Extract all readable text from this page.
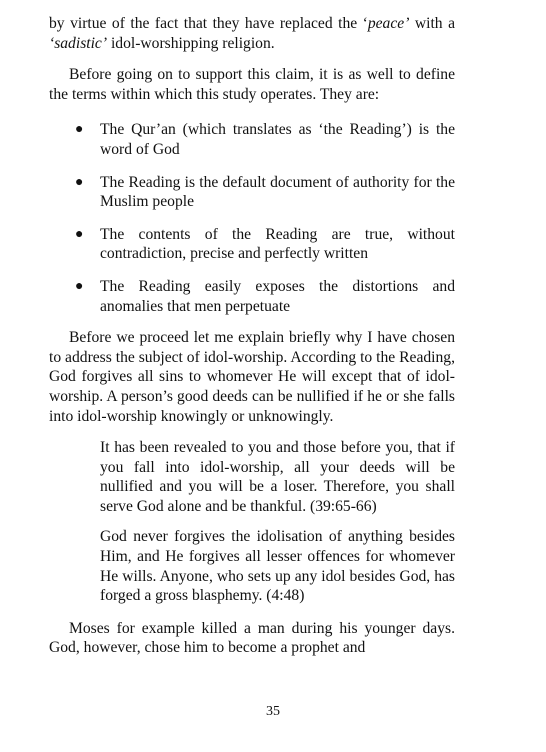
by virtue of the fact that they have replaced the ‘peace’ with a ‘sadistic’ idol-worshipping religion.

Before going on to support this claim, it is as well to define the terms within which this study operates. They are:

● The Qur’an (which translates as ‘the Reading’) is the word of God
● The Reading is the default document of authority for the Muslim people
● The contents of the Reading are true, without contradiction, precise and perfectly written
● The Reading easily exposes the distortions and anomalies that men perpetuate

Before we proceed let me explain briefly why I have chosen to address the subject of idol-worship. According to the Reading, God forgives all sins to whomever He will except that of idol-worship. A person’s good deeds can be nullified if he or she falls into idol-worship knowingly or unknowingly.

It has been revealed to you and those before you, that if you fall into idol-worship, all your deeds will be nullified and you will be a loser. Therefore, you shall serve God alone and be thankful. (39:65-66)

God never forgives the idolisation of anything besides Him, and He forgives all lesser offences for whomever He wills. Anyone, who sets up any idol besides God, has forged a gross blasphemy. (4:48)

Moses for example killed a man during his younger days. God, however, chose him to become a prophet and

35
